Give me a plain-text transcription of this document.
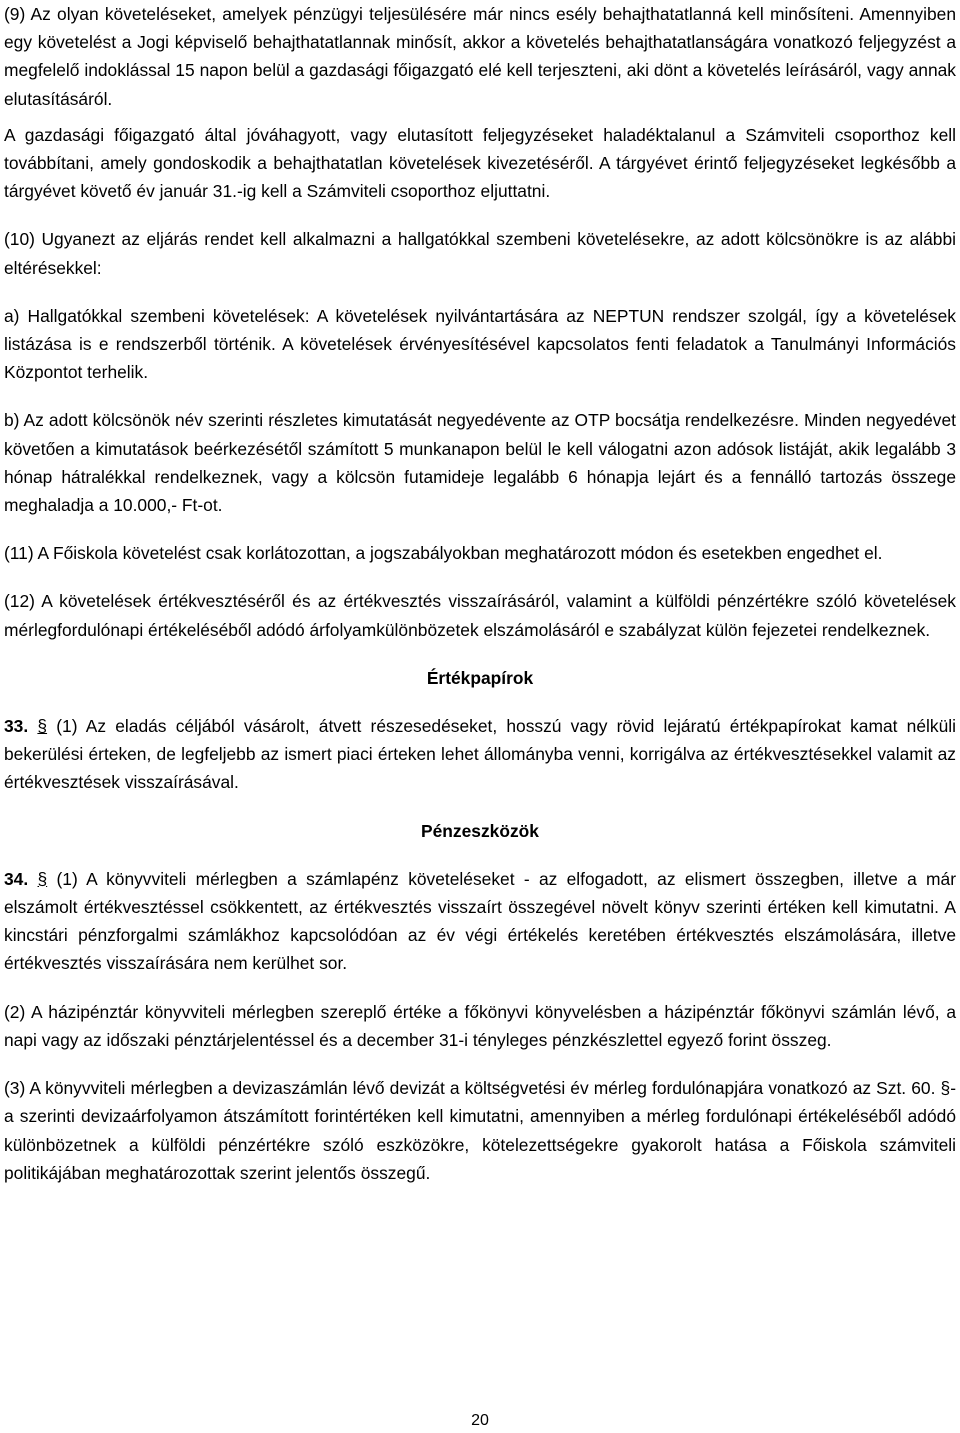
(9) Az olyan követeléseket, amelyek pénzügyi teljesülésére már nincs esély behajthatatlanná kell minősíteni. Amennyiben egy követelést a Jogi képviselő behajthatatlannak minősít, akkor a követelés behajthatatlanságára vonatkozó feljegyzést a megfelelő indoklással 15 napon belül a gazdasági főigazgató elé kell terjeszteni, aki dönt a követelés leírásáról, vagy annak elutasításáról.

A gazdasági főigazgató által jóváhagyott, vagy elutasított feljegyzéseket haladéktalanul a Számviteli csoporthoz kell továbbítani, amely gondoskodik a behajthatatlan követelések kivezetéséről. A tárgyévet érintő feljegyzéseket legkésőbb a tárgyévet követő év január 31.-ig kell a Számviteli csoporthoz eljuttatni.

(10) Ugyanezt az eljárás rendet kell alkalmazni a hallgatókkal szembeni követelésekre, az adott kölcsönökre is az alábbi eltérésekkel:

a) Hallgatókkal szembeni követelések: A követelések nyilvántartására az NEPTUN rendszer szolgál, így a követelések listázása is e rendszerből történik. A követelések érvényesítésével kapcsolatos fenti feladatok a Tanulmányi Információs Központot terhelik.

b) Az adott kölcsönök név szerinti részletes kimutatását negyedévente az OTP bocsátja rendelkezésre. Minden negyedévet követően a kimutatások beérkezésétől számított 5 munkanapon belül le kell válogatni azon adósok listáját, akik legalább 3 hónap hátralékkal rendelkeznek, vagy a kölcsön futamideje legalább 6 hónapja lejárt és a fennálló tartozás összege meghaladja a 10.000,- Ft-ot.

(11) A Főiskola követelést csak korlátozottan, a jogszabályokban meghatározott módon és esetekben engedhet el.

(12) A követelések értékvesztéséről és az értékvesztés visszaírásáról, valamint a külföldi pénzértékre szóló követelések mérlegfordulónapi értékeléséből adódó árfolyamkülönbözetek elszámolásáról e szabályzat külön fejezetei rendelkeznek.

Értékpapírok

33. § (1) Az eladás céljából vásárolt, átvett részesedéseket, hosszú vagy rövid lejáratú értékpapírokat kamat nélküli bekerülési érteken, de legfeljebb az ismert piaci érteken lehet állományba venni, korrigálva az értékvesztésekkel valamit az értékvesztések visszaírásával.

Pénzeszközök

34. § (1) A könyvviteli mérlegben a számlapénz követeléseket - az elfogadott, az elismert összegben, illetve a már elszámolt értékvesztéssel csökkentett, az értékvesztés visszaírt összegével növelt könyv szerinti értéken kell kimutatni. A kincstári pénzforgalmi számlákhoz kapcsolódóan az év végi értékelés keretében értékvesztés elszámolására, illetve értékvesztés visszaírására nem kerülhet sor.

(2) A házipénztár könyvviteli mérlegben szereplő értéke a főkönyvi könyvelésben a házipénztár főkönyvi számlán lévő, a napi vagy az időszaki pénztárjelentéssel és a december 31-i tényleges pénzkészlettel egyező forint összeg.

(3) A könyvviteli mérlegben a devizaszámlán lévő devizát a költségvetési év mérleg fordulónapjára vonatkozó az Szt. 60. §-a szerinti devizaárfolyamon átszámított forintértéken kell kimutatni, amennyiben a mérleg fordulónapi értékeléséből adódó különbözetnek a külföldi pénzértékre szóló eszközökre, kötelezettségekre gyakorolt hatása a Főiskola számviteli politikájában meghatározottak szerint jelentős összegű.

20
